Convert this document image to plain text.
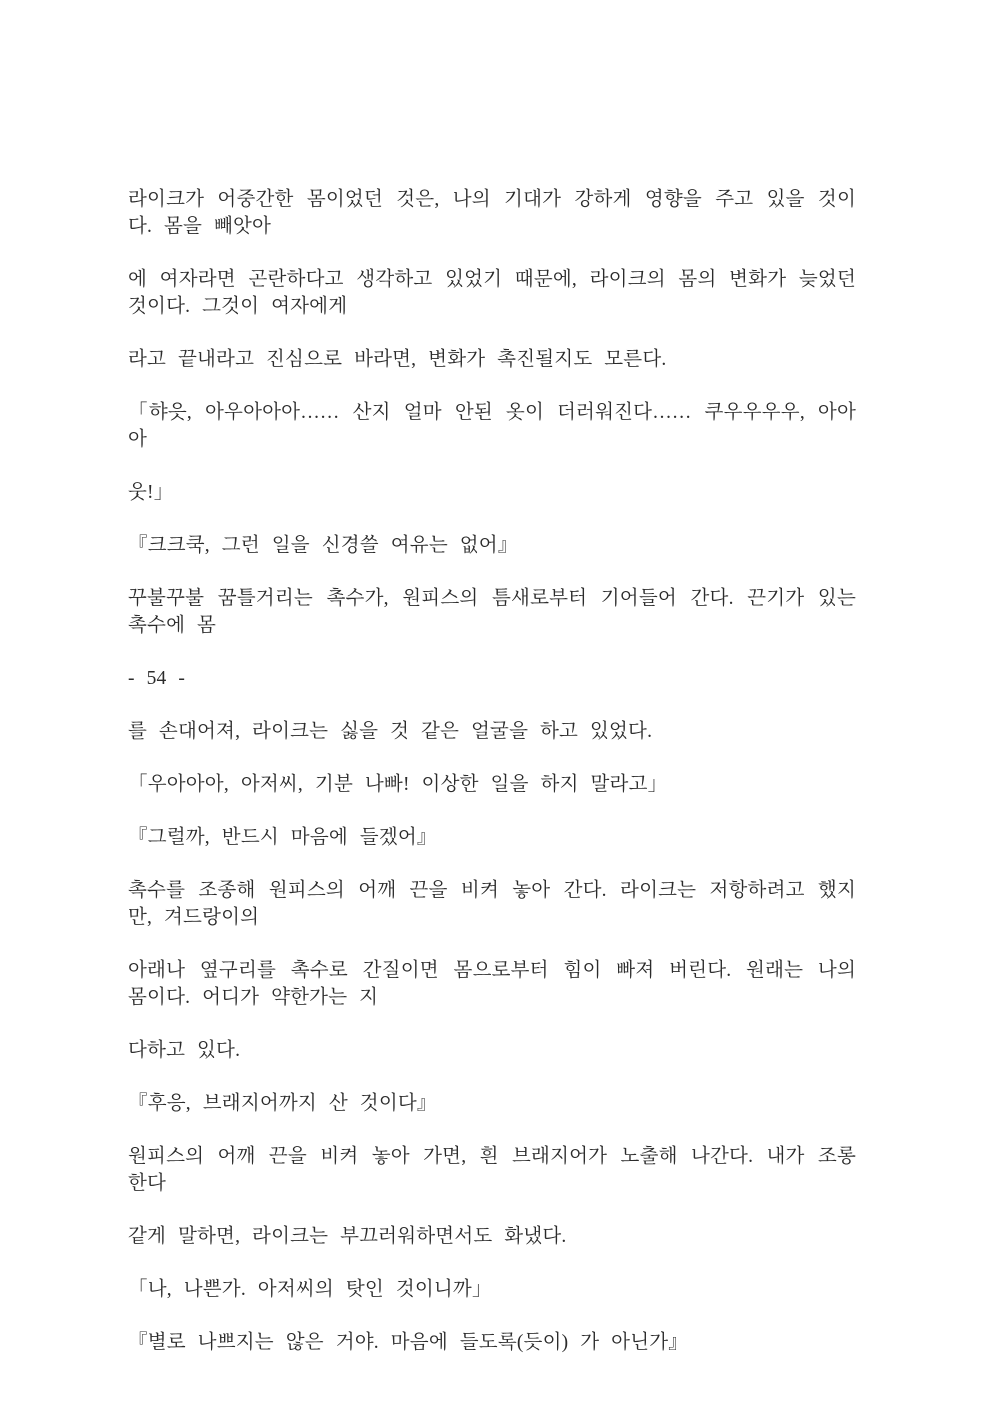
라이크가 어중간한 몸이었던 것은, 나의 기대가 강하게 영향을 주고 있을 것이다. 몸을 빼앗아

에 여자라면 곤란하다고 생각하고 있었기 때문에, 라이크의 몸의 변화가 늦었던 것이다. 그것이 여자에게

라고 끝내라고 진심으로 바라면, 변화가 촉진될지도 모른다.

「햐읏, 아우아아아…… 산지 얼마 안된 옷이 더러워진다…… 쿠우우우우, 아아아

웃!」

『크크쿡, 그런 일을 신경쓸 여유는 없어』

꾸불꾸불 꿈틀거리는 촉수가, 원피스의 틈새로부터 기어들어 간다. 끈기가 있는 촉수에 몸

- 54 -

를 손대어져, 라이크는 싫을 것 같은 얼굴을 하고 있었다.

「우아아아, 아저씨, 기분 나빠! 이상한 일을 하지 말라고」

『그럴까, 반드시 마음에 들겠어』

촉수를 조종해 원피스의 어깨 끈을 비켜 놓아 간다. 라이크는 저항하려고 했지만, 겨드랑이의

아래나 옆구리를 촉수로 간질이면 몸으로부터 힘이 빠져 버린다. 원래는 나의 몸이다. 어디가 약한가는 지

다하고 있다.

『후응, 브래지어까지 산 것이다』

원피스의 어깨 끈을 비켜 놓아 가면, 흰 브래지어가 노출해 나간다. 내가 조롱한다

같게 말하면, 라이크는 부끄러워하면서도 화냈다.

「나, 나쁜가. 아저씨의 탓인 것이니까」

『별로 나쁘지는 않은 거야. 마음에 들도록(듯이) 가 아닌가』
